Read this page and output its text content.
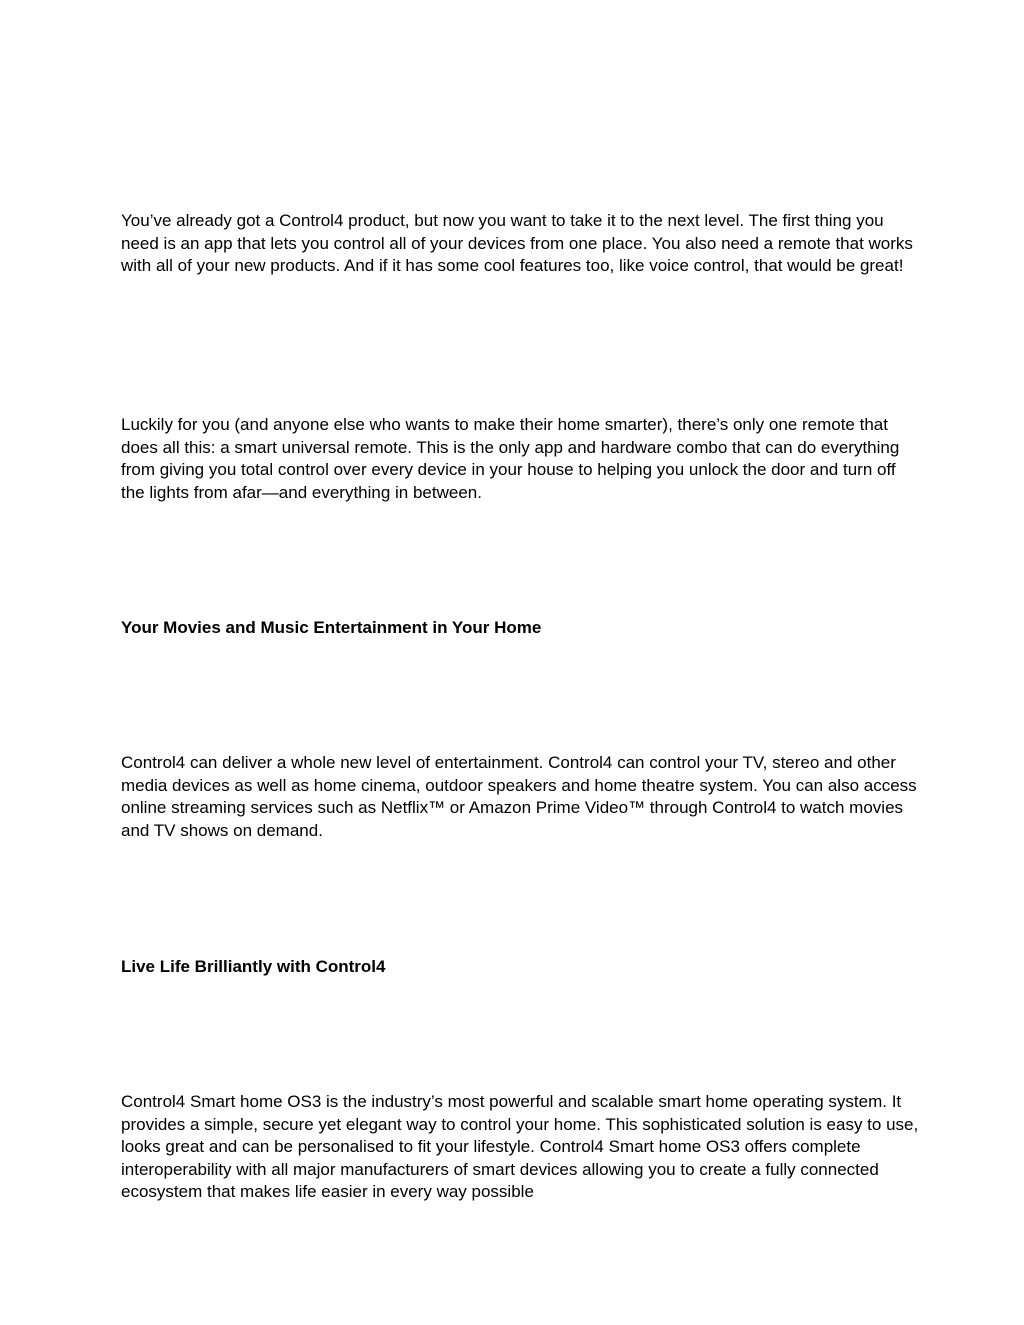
You’ve already got a Control4 product, but now you want to take it to the next level. The first thing you need is an app that lets you control all of your devices from one place. You also need a remote that works with all of your new products. And if it has some cool features too, like voice control, that would be great!

Luckily for you (and anyone else who wants to make their home smarter), there’s only one remote that does all this: a smart universal remote. This is the only app and hardware combo that can do everything from giving you total control over every device in your house to helping you unlock the door and turn off the lights from afar—and everything in between.

Your Movies and Music Entertainment in Your Home

Control4 can deliver a whole new level of entertainment. Control4 can control your TV, stereo and other media devices as well as home cinema, outdoor speakers and home theatre system. You can also access online streaming services such as Netflix™ or Amazon Prime Video™ through Control4 to watch movies and TV shows on demand.

Live Life Brilliantly with Control4

Control4 Smart home OS3 is the industry’s most powerful and scalable smart home operating system. It provides a simple, secure yet elegant way to control your home. This sophisticated solution is easy to use, looks great and can be personalised to fit your lifestyle. Control4 Smart home OS3 offers complete interoperability with all major manufacturers of smart devices allowing you to create a fully connected ecosystem that makes life easier in every way possible
